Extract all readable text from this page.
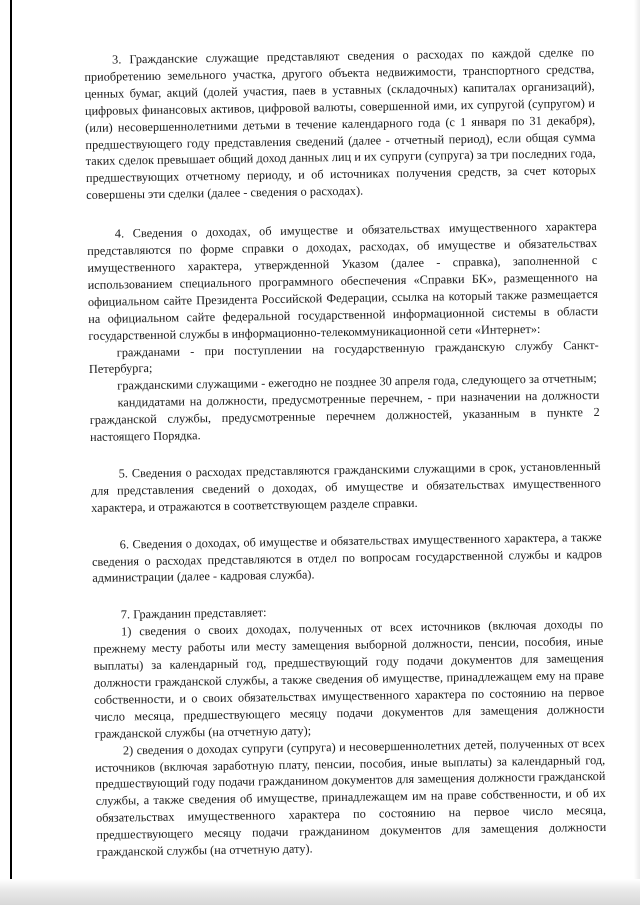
3. Гражданские служащие представляют сведения о расходах по каждой сделке по приобретению земельного участка, другого объекта недвижимости, транспортного средства, ценных бумаг, акций (долей участия, паев в уставных (складочных) капиталах организаций), цифровых финансовых активов, цифровой валюты, совершенной ими, их супругой (супругом) и (или) несовершеннолетними детьми в течение календарного года (с 1 января по 31 декабря), предшествующего году представления сведений (далее - отчетный период), если общая сумма таких сделок превышает общий доход данных лиц и их супруги (супруга) за три последних года, предшествующих отчетному периоду, и об источниках получения средств, за счет которых совершены эти сделки (далее - сведения о расходах).

4. Сведения о доходах, об имуществе и обязательствах имущественного характера представляются по форме справки о доходах, расходах, об имуществе и обязательствах имущественного характера, утвержденной Указом (далее - справка), заполненной с использованием специального программного обеспечения «Справки БК», размещенного на официальном сайте Президента Российской Федерации, ссылка на который также размещается на официальном сайте федеральной государственной информационной системы в области государственной службы в информационно-телекоммуникационной сети «Интернет»:

гражданами - при поступлении на государственную гражданскую службу Санкт-Петербурга;

гражданскими служащими - ежегодно не позднее 30 апреля года, следующего за отчетным;

кандидатами на должности, предусмотренные перечнем, - при назначении на должности гражданской службы, предусмотренные перечнем должностей, указанным в пункте 2 настоящего Порядка.

5. Сведения о расходах представляются гражданскими служащими в срок, установленный для представления сведений о доходах, об имуществе и обязательствах имущественного характера, и отражаются в соответствующем разделе справки.

6. Сведения о доходах, об имуществе и обязательствах имущественного характера, а также сведения о расходах представляются в отдел по вопросам государственной службы и кадров администрации (далее - кадровая служба).

7. Гражданин представляет:

1) сведения о своих доходах, полученных от всех источников (включая доходы по прежнему месту работы или месту замещения выборной должности, пенсии, пособия, иные выплаты) за календарный год, предшествующий году подачи документов для замещения должности гражданской службы, а также сведения об имуществе, принадлежащем ему на праве собственности, и о своих обязательствах имущественного характера по состоянию на первое число месяца, предшествующего месяцу подачи документов для замещения должности гражданской службы (на отчетную дату);

2) сведения о доходах супруги (супруга) и несовершеннолетних детей, полученных от всех источников (включая заработную плату, пенсии, пособия, иные выплаты) за календарный год, предшествующий году подачи гражданином документов для замещения должности гражданской службы, а также сведения об имуществе, принадлежащем им на праве собственности, и об их обязательствах имущественного характера по состоянию на первое число месяца, предшествующего месяцу подачи гражданином документов для замещения должности гражданской службы (на отчетную дату).
